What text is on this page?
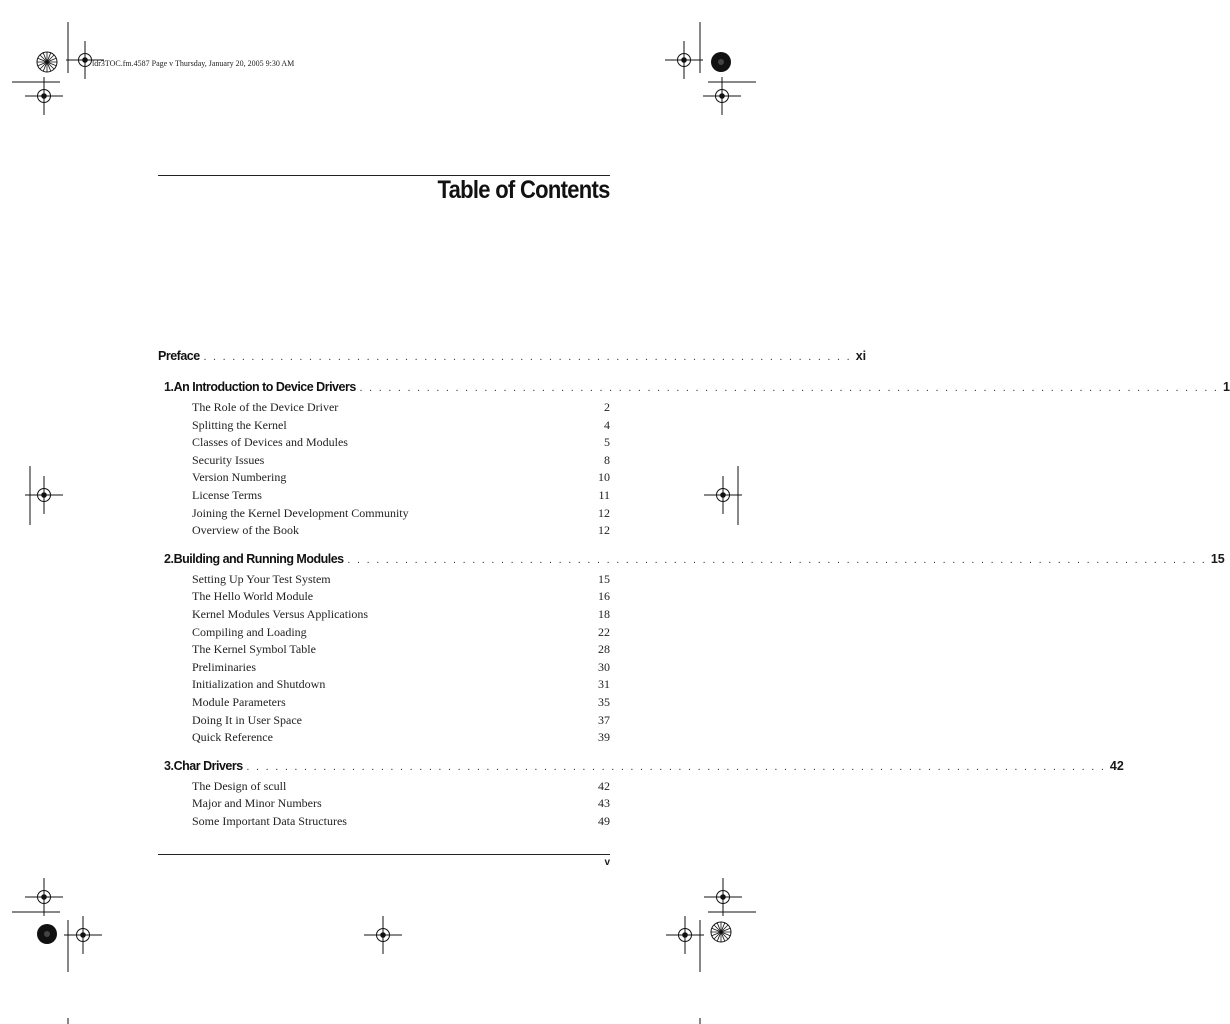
ldr3TOC.fm.4587 Page v Thursday, January 20, 2005 9:30 AM
Table of Contents
Preface . . . . . . . . . . . . . . . . . . . . . . . . . . . . . . . . . . . . . . . . . . . . . . . . . . . . . . . . . . . . . . . . . . . . xi
1. An Introduction to Device Drivers . . . . . . . . . . . . . . . . . . . . . . . . . . . . . . . . . . . . . . . . . . . . . . . . . . . . . . . . . . . . . . . . . . . . . . . . . . . . . . . . . . . . . . . . . . 1
The Role of the Device Driver	2
Splitting the Kernel	4
Classes of Devices and Modules	5
Security Issues	8
Version Numbering	10
License Terms	11
Joining the Kernel Development Community	12
Overview of the Book	12
2. Building and Running Modules . . . . . . . . . . . . . . . . . . . . . . . . . . . . . . . . . . . . . . . . . . . . . . . . . . . . . . . . . . . . . . . . . . . . . . . . . . . . . . . . . . . . . . . . . . 15
Setting Up Your Test System	15
The Hello World Module	16
Kernel Modules Versus Applications	18
Compiling and Loading	22
The Kernel Symbol Table	28
Preliminaries	30
Initialization and Shutdown	31
Module Parameters	35
Doing It in User Space	37
Quick Reference	39
3. Char Drivers . . . . . . . . . . . . . . . . . . . . . . . . . . . . . . . . . . . . . . . . . . . . . . . . . . . . . . . . . . . . . . . . . . . . . . . . . . . . . . . . . . . . . . . . . . 42
The Design of scull	42
Major and Minor Numbers	43
Some Important Data Structures	49
v
